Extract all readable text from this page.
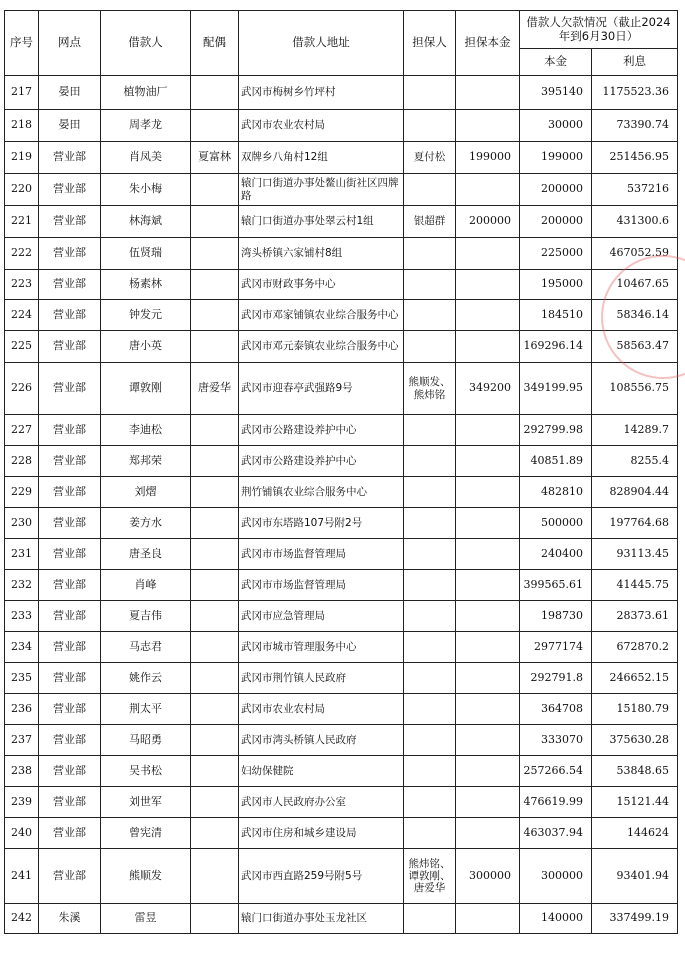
序号	网点	借款人	配偶	借款人地址	担保人	担保本金	借款人欠款情况（截止2024年到6月30日）	
							本金	利息
217	晏田	植物油厂		武冈市梅树乡竹坪村			395140	1175523.36
218	晏田	周孝龙		武冈市农业农村局			30000	73390.74
219	营业部	肖凤美	夏富林	双牌乡八角村12组	夏付松	199000	199000	251456.95
220	营业部	朱小梅		辕门口街道办事处鳌山街社区四牌路			200000	537216
221	营业部	林海斌		辕门口街道办事处翠云村1组	银超群	200000	200000	431300.6
222	营业部	伍贤瑞		湾头桥镇六家铺村8组			225000	467052.59
223	营业部	杨素林		武冈市财政事务中心			195000	10467.65
224	营业部	钟发元		武冈市邓家铺镇农业综合服务中心			184510	58346.14
225	营业部	唐小英		武冈市邓元泰镇农业综合服务中心			169296.14	58563.47
226	营业部	谭敦刚	唐爱华	武冈市迎春亭武强路9号	熊顺发、熊炜铭	349200	349199.95	108556.75
227	营业部	李迪松		武冈市公路建设养护中心			292799.98	14289.7
228	营业部	郑邦荣		武冈市公路建设养护中心			40851.89	8255.4
229	营业部	刘熠		荆竹铺镇农业综合服务中心			482810	828904.44
230	营业部	姜方水		武冈市东塔路107号附2号			500000	197764.68
231	营业部	唐圣良		武冈市市场监督管理局			240400	93113.45
232	营业部	肖峰		武冈市市场监督管理局			399565.61	41445.75
233	营业部	夏吉伟		武冈市应急管理局			198730	28373.61
234	营业部	马志君		武冈市城市管理服务中心			2977174	672870.2
235	营业部	姚作云		武冈市荆竹镇人民政府			292791.8	246652.15
236	营业部	荆太平		武冈市农业农村局			364708	15180.79
237	营业部	马昭勇		武冈市湾头桥镇人民政府			333070	375630.28
238	营业部	吴书松		妇幼保健院			257266.54	53848.65
239	营业部	刘世军		武冈市人民政府办公室			476619.99	15121.44
240	营业部	曾宪清		武冈市住房和城乡建设局			463037.94	144624
241	营业部	熊顺发		武冈市西直路259号附5号	熊炜铭、谭敦刚、唐爱华	300000	300000	93401.94
242	朱溪	雷昱		辕门口街道办事处玉龙社区			140000	337499.19
